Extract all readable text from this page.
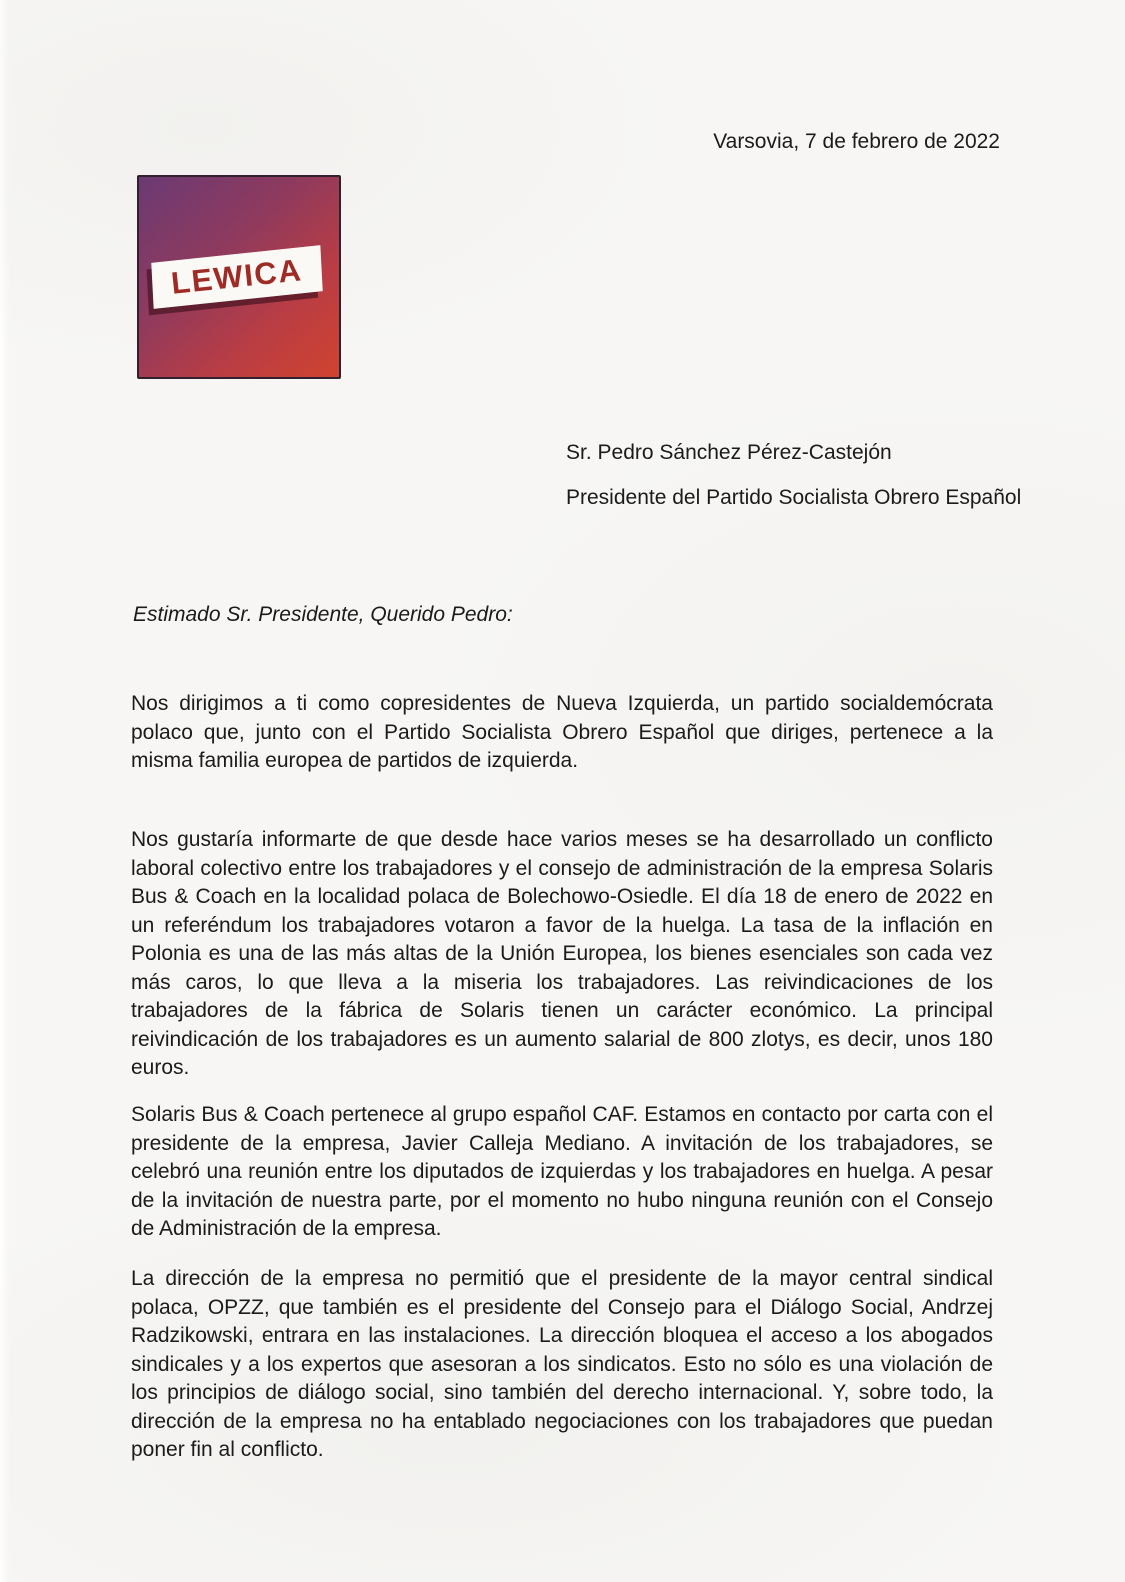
Varsovia, 7 de febrero de 2022
LEWICA
Sr. Pedro Sánchez Pérez-Castejón
Presidente del Partido Socialista Obrero Español
Estimado Sr. Presidente, Querido Pedro:
Nos dirigimos a ti como copresidentes de Nueva Izquierda, un partido socialdemócrata polaco que, junto con el Partido Socialista Obrero Español que diriges, pertenece a la misma familia europea de partidos de izquierda.
Nos gustaría informarte de que desde hace varios meses se ha desarrollado un conflicto laboral colectivo entre los trabajadores y el consejo de administración de la empresa Solaris Bus & Coach en la localidad polaca de Bolechowo-Osiedle. El día 18 de enero de 2022 en un referéndum los trabajadores votaron a favor de la huelga. La tasa de la inflación en Polonia es una de las más altas de la Unión Europea, los bienes esenciales son cada vez más caros, lo que lleva a la miseria los trabajadores. Las reivindicaciones de los trabajadores de la fábrica de Solaris tienen un carácter económico. La principal reivindicación de los trabajadores es un aumento salarial de 800 zlotys, es decir, unos 180 euros.
Solaris Bus & Coach pertenece al grupo español CAF. Estamos en contacto por carta con el presidente de la empresa, Javier Calleja Mediano. A invitación de los trabajadores, se celebró una reunión entre los diputados de izquierdas y los trabajadores en huelga. A pesar de la invitación de nuestra parte, por el momento no hubo ninguna reunión con el Consejo de Administración de la empresa.
La dirección de la empresa no permitió que el presidente de la mayor central sindical polaca, OPZZ, que también es el presidente del Consejo para el Diálogo Social, Andrzej Radzikowski, entrara en las instalaciones. La dirección bloquea el acceso a los abogados sindicales y a los expertos que asesoran a los sindicatos. Esto no sólo es una violación de los principios de diálogo social, sino también del derecho internacional. Y, sobre todo, la dirección de la empresa no ha entablado negociaciones con los trabajadores que puedan poner fin al conflicto.
